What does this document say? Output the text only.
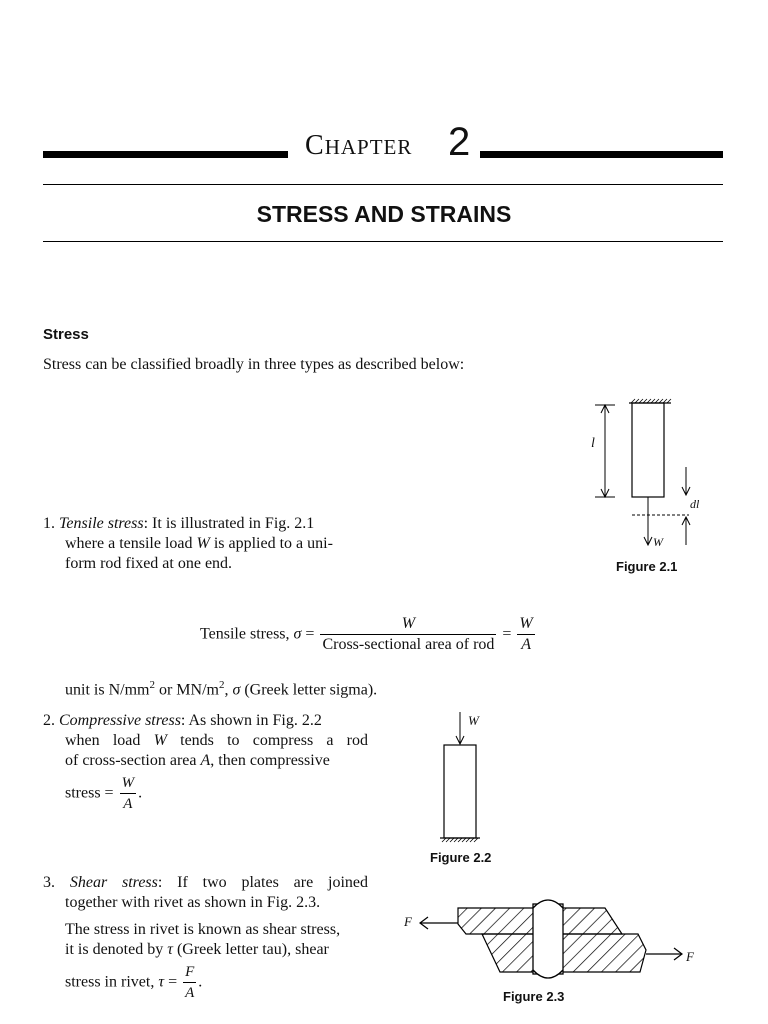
CHAPTER 2
STRESS AND STRAINS
Stress
Stress can be classified broadly in three types as described below:
l
dl
W
Figure 2.1
1. Tensile stress: It is illustrated in Fig. 2.1
where a tensile load W is applied to a uni-
form rod fixed at one end.
Tensile stress, $\sigma = \frac{W}{\text{Cross-sectional area of rod}} = \frac{W}{A}$
unit is $N/mm^2$ or $MN/m^2$, σ (Greek letter sigma).
2. Compressive stress: As shown in Fig. 2.2
when load W tends to compress a rod
of cross-section area A, then compressive
stress = $\frac{W}{A}$ .
W
Figure 2.2
3. Shear stress: If two plates are joined
together with rivet as shown in Fig. 2.3.
The stress in rivet is known as shear stress,
it is denoted by τ (Greek letter tau), shear
stress in rivet, $\tau = \frac{F}{A}$ .
F
F
Figure 2.3
